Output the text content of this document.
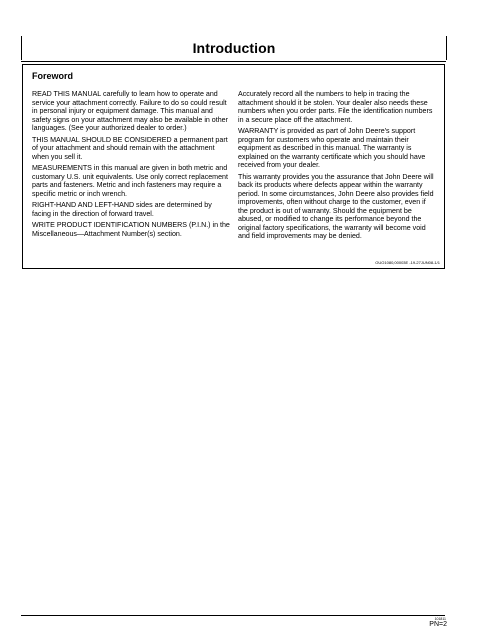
Introduction
Foreword

READ THIS MANUAL carefully to learn how to operate and service your attachment correctly. Failure to do so could result in personal injury or equipment damage. This manual and safety signs on your attachment may also be available in other languages. (See your authorized dealer to order.)

THIS MANUAL SHOULD BE CONSIDERED a permanent part of your attachment and should remain with the attachment when you sell it.

MEASUREMENTS in this manual are given in both metric and customary U.S. unit equivalents. Use only correct replacement parts and fasteners. Metric and inch fasteners may require a specific metric or inch wrench.

RIGHT-HAND AND LEFT-HAND sides are determined by facing in the direction of forward travel.

WRITE PRODUCT IDENTIFICATION NUMBERS (P.I.N.) in the Miscellaneous—Attachment Number(s) section.

Accurately record all the numbers to help in tracing the attachment should it be stolen. Your dealer also needs these numbers when you order parts. File the identification numbers in a secure place off the attachment.

WARRANTY is provided as part of John Deere's support program for customers who operate and maintain their equipment as described in this manual. The warranty is explained on the warranty certificate which you should have received from your dealer.

This warranty provides you the assurance that John Deere will back its products where defects appear within the warranty period. In some circumstances, John Deere also provides field improvements, often without charge to the customer, even if the product is out of warranty. Should the equipment be abused, or modified to change its performance beyond the original factory specifications, the warranty will become void and field improvements may be denied.

OUO1080,00003E -19-27JUN08-1/1
101811
PN=2
